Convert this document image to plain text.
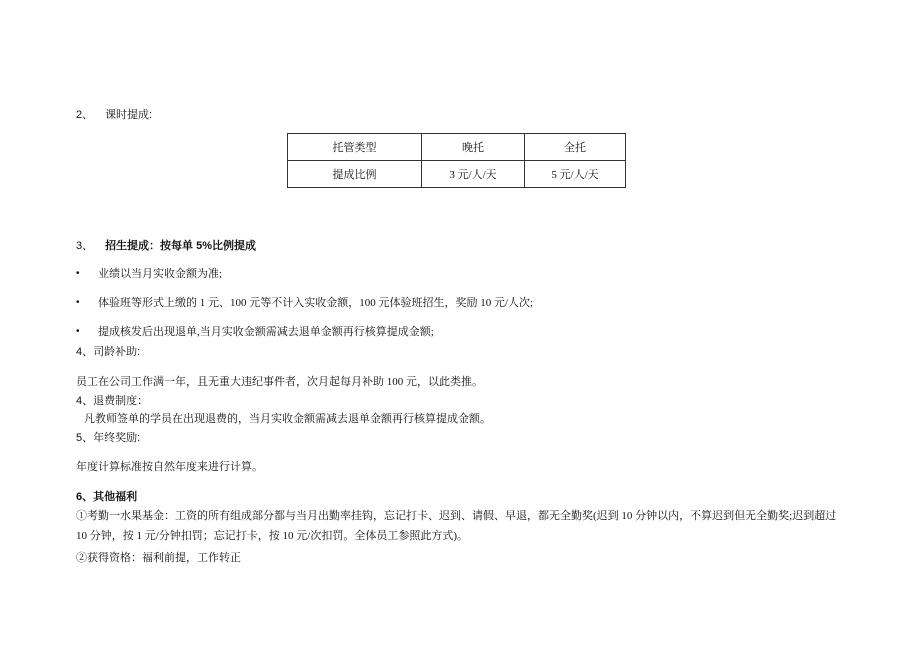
2、 课时提成:
托管类型	晚托	全托
提成比例	3 元/人/天	5 元/人/天
3、 招生提成：按每单 5%比例提成
• 业绩以当月实收金额为准;
• 体验班等形式上缴的 1 元、100 元等不计入实收金额，100 元体验班招生，奖励 10 元/人次;
• 提成核发后出现退单,当月实收金额需减去退单金额再行核算提成金额;
4、司龄补助:
员工在公司工作满一年，且无重大违纪事件者，次月起每月补助 100 元，以此类推。
4、退费制度：
凡教师签单的学员在出现退费的，当月实收金额需减去退单金额再行核算提成金额。
5、年终奖励:
年度计算标准按自然年度来进行计算。
6、其他福利
①考勤一水果基金：工资的所有组成部分都与当月出勤率挂钩，忘记打卡、迟到、请假、早退，都无全勤奖(迟到 10 分钟以内，不算迟到但无全勤奖;迟到超过
10 分钟，按 1 元/分钟扣罚；忘记打卡，按 10 元/次扣罚。全体员工参照此方式)。
②获得资格：福利前提，工作转正
